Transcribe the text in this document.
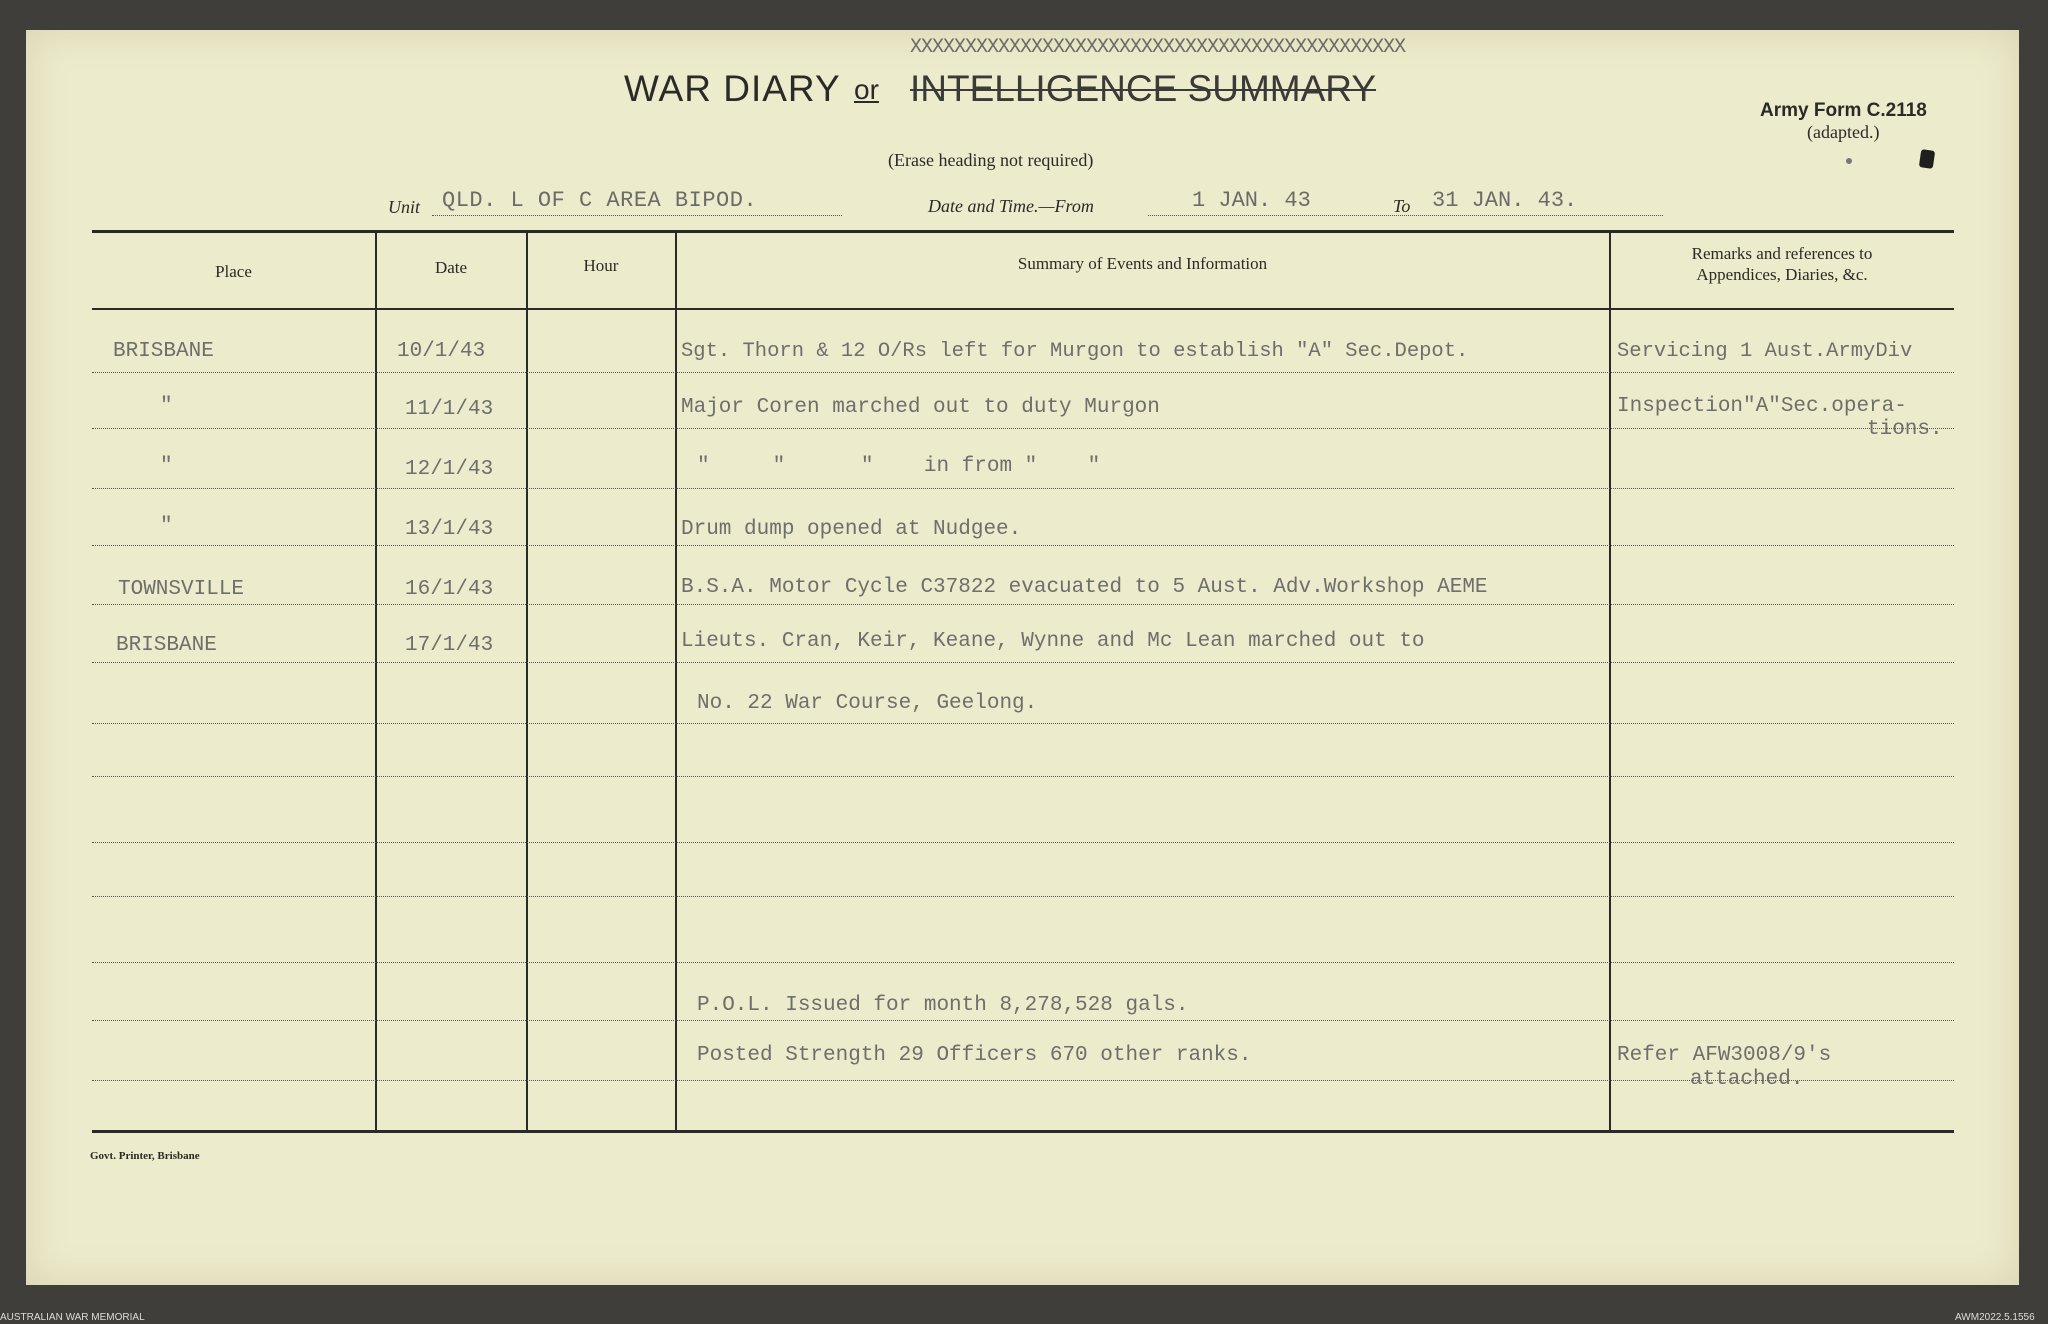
XXXXXXXXXXXXXXXXXXXXXXXXXXXXXXXXXXXXXXXXXXXXX
WAR DIARY or INTELLIGENCE SUMMARY
(Erase heading not required)
Army Form C.2118
(adapted.)
Unit QLD. L OF C AREA BIPOD.	Date and Time.—From	1 JAN. 43	To 31 JAN. 43.
Place	Date	Hour	Summary of Events and Information
Remarks and references to
Appendices, Diaries, &c.
BRISBANE	10/1/43	Sgt. Thorn & 12 O/Rs left for Murgon to establish "A" Sec.Depot.	Servicing 1 Aust.ArmyDiv
"	11/1/43	Major Coren marched out to duty Murgon	Inspection"A"Sec.opera-
tions.
"	12/1/43	"     "      "    in from "    "
"	13/1/43	Drum dump opened at Nudgee.
TOWNSVILLE	16/1/43	B.S.A. Motor Cycle C37822 evacuated to 5 Aust. Adv.Workshop AEME
BRISBANE	17/1/43	Lieuts. Cran, Keir, Keane, Wynne and Mc Lean marched out to
No. 22 War Course, Geelong.
P.O.L. Issued for month 8,278,528 gals.
Posted Strength 29 Officers 670 other ranks.	Refer AFW3008/9's
attached.
Govt. Printer, Brisbane
AUSTRALIAN WAR MEMORIAL	AWM2022.5.1556
